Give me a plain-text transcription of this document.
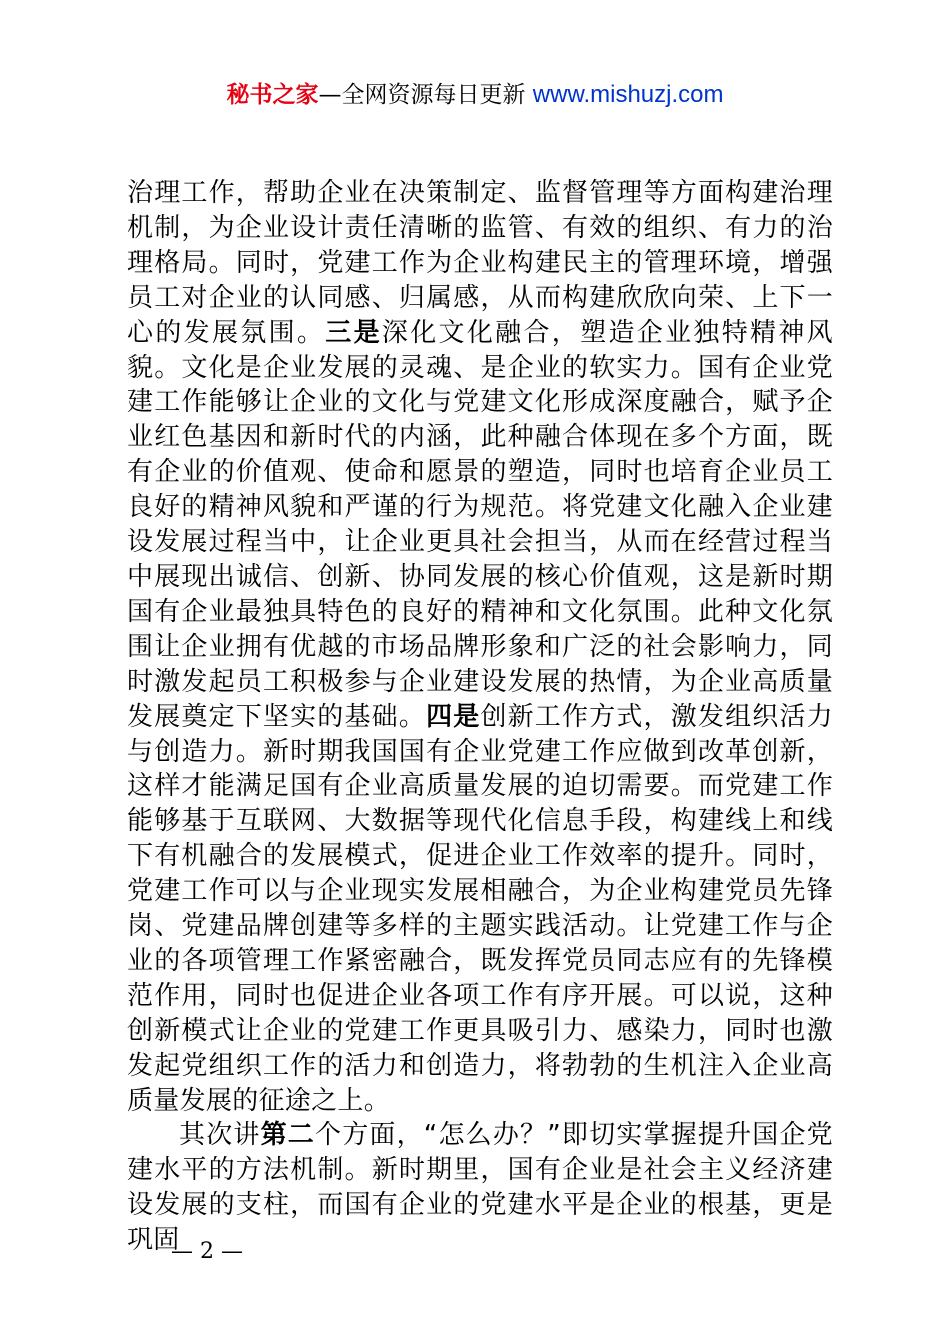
秘书之家—全网资源每日更新 www.mishuzj.com

治理工作，帮助企业在决策制定、监督管理等方面构建治理机制，为企业设计责任清晰的监管、有效的组织、有力的治理格局。同时，党建工作为企业构建民主的管理环境，增强员工对企业的认同感、归属感，从而构建欣欣向荣、上下一心的发展氛围。三是深化文化融合，塑造企业独特精神风貌。文化是企业发展的灵魂、是企业的软实力。国有企业党建工作能够让企业的文化与党建文化形成深度融合，赋予企业红色基因和新时代的内涵，此种融合体现在多个方面，既有企业的价值观、使命和愿景的塑造，同时也培育企业员工良好的精神风貌和严谨的行为规范。将党建文化融入企业建设发展过程当中，让企业更具社会担当，从而在经营过程当中展现出诚信、创新、协同发展的核心价值观，这是新时期国有企业最独具特色的良好的精神和文化氛围。此种文化氛围让企业拥有优越的市场品牌形象和广泛的社会影响力，同时激发起员工积极参与企业建设发展的热情，为企业高质量发展奠定下坚实的基础。四是创新工作方式，激发组织活力与创造力。新时期我国国有企业党建工作应做到改革创新，这样才能满足国有企业高质量发展的迫切需要。而党建工作能够基于互联网、大数据等现代化信息手段，构建线上和线下有机融合的发展模式，促进企业工作效率的提升。同时，党建工作可以与企业现实发展相融合，为企业构建党员先锋岗、党建品牌创建等多样的主题实践活动。让党建工作与企业的各项管理工作紧密融合，既发挥党员同志应有的先锋模范作用，同时也促进企业各项工作有序开展。可以说，这种创新模式让企业的党建工作更具吸引力、感染力，同时也激发起党组织工作的活力和创造力，将勃勃的生机注入企业高质量发展的征途之上。

其次讲第二个方面，“怎么办？”即切实掌握提升国企党建水平的方法机制。新时期里，国有企业是社会主义经济建设发展的支柱，而国有企业的党建水平是企业的根基，更是巩固

— 2 —
